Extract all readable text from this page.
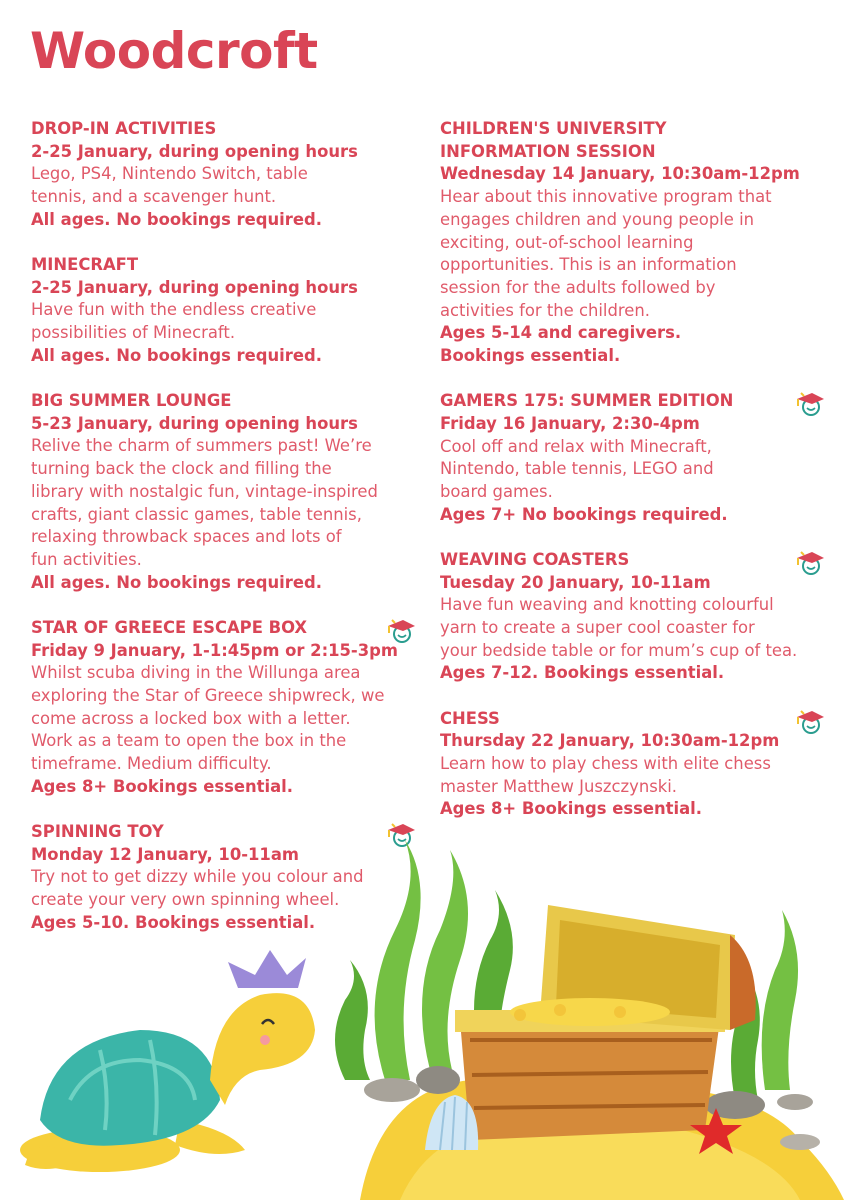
Woodcroft
DROP-IN ACTIVITIES
2-25 January, during opening hours
Lego, PS4, Nintendo Switch, table
tennis, and a scavenger hunt.
All ages. No bookings required.
MINECRAFT
2-25 January, during opening hours
Have fun with the endless creative
possibilities of Minecraft.
All ages. No bookings required.
BIG SUMMER LOUNGE
5-23 January, during opening hours
Relive the charm of summers past! We’re
turning back the clock and filling the
library with nostalgic fun, vintage-inspired
crafts, giant classic games, table tennis,
relaxing throwback spaces and lots of
fun activities.
All ages. No bookings required.
STAR OF GREECE ESCAPE BOX
Friday 9 January, 1-1:45pm or 2:15-3pm
Whilst scuba diving in the Willunga area
exploring the Star of Greece shipwreck, we
come across a locked box with a letter.
Work as a team to open the box in the
timeframe. Medium difficulty.
Ages 8+ Bookings essential.
SPINNING TOY
Monday 12 January, 10-11am
Try not to get dizzy while you colour and
create your very own spinning wheel.
Ages 5-10. Bookings essential.
CHILDREN'S UNIVERSITY
INFORMATION SESSION
Wednesday 14 January, 10:30am-12pm
Hear about this innovative program that
engages children and young people in
exciting, out-of-school learning
opportunities. This is an information
session for the adults followed by
activities for the children.
Ages 5-14 and caregivers.
Bookings essential.
GAMERS 175: SUMMER EDITION
Friday 16 January, 2:30-4pm
Cool off and relax with Minecraft,
Nintendo, table tennis, LEGO and
board games.
Ages 7+ No bookings required.
WEAVING COASTERS
Tuesday 20 January, 10-11am
Have fun weaving and knotting colourful
yarn to create a super cool coaster for
your bedside table or for mum’s cup of tea.
Ages 7-12. Bookings essential.
CHESS
Thursday 22 January, 10:30am-12pm
Learn how to play chess with elite chess
master Matthew Juszczynski.
Ages 8+ Bookings essential.
